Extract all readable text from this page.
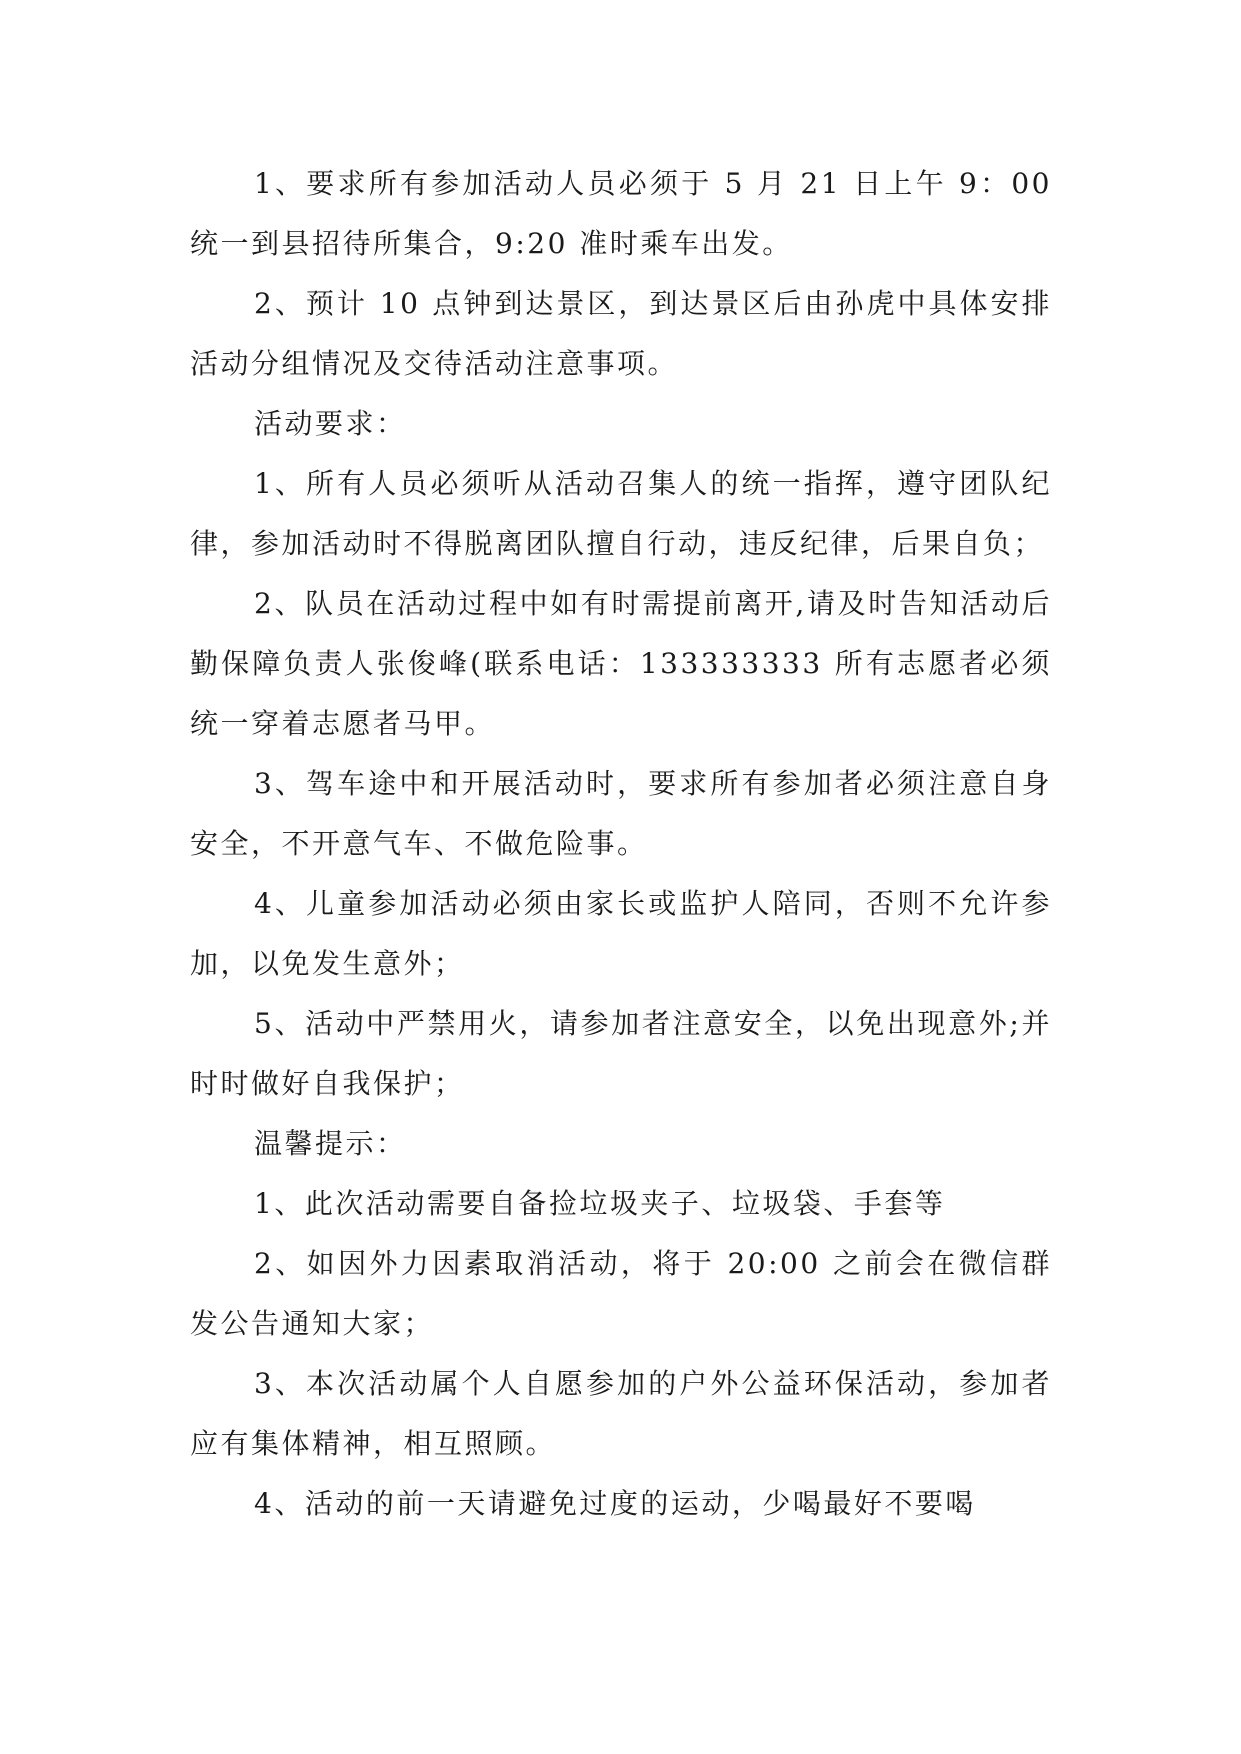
1、要求所有参加活动人员必须于 5 月 21 日上午 9：00 统一到县招待所集合，9:20 准时乘车出发。

2、预计 10 点钟到达景区，到达景区后由孙虎中具体安排活动分组情况及交待活动注意事项。

活动要求：

1、所有人员必须听从活动召集人的统一指挥，遵守团队纪律，参加活动时不得脱离团队擅自行动，违反纪律，后果自负；

2、队员在活动过程中如有时需提前离开,请及时告知活动后勤保障负责人张俊峰(联系电话：133333333 所有志愿者必须统一穿着志愿者马甲。

3、驾车途中和开展活动时，要求所有参加者必须注意自身安全，不开意气车、不做危险事。

4、儿童参加活动必须由家长或监护人陪同，否则不允许参加，以免发生意外；

5、活动中严禁用火，请参加者注意安全，以免出现意外;并时时做好自我保护；

温馨提示：

1、此次活动需要自备捡垃圾夹子、垃圾袋、手套等

2、如因外力因素取消活动，将于 20:00 之前会在微信群发公告通知大家；

3、本次活动属个人自愿参加的户外公益环保活动，参加者应有集体精神，相互照顾。

4、活动的前一天请避免过度的运动，少喝最好不要喝
